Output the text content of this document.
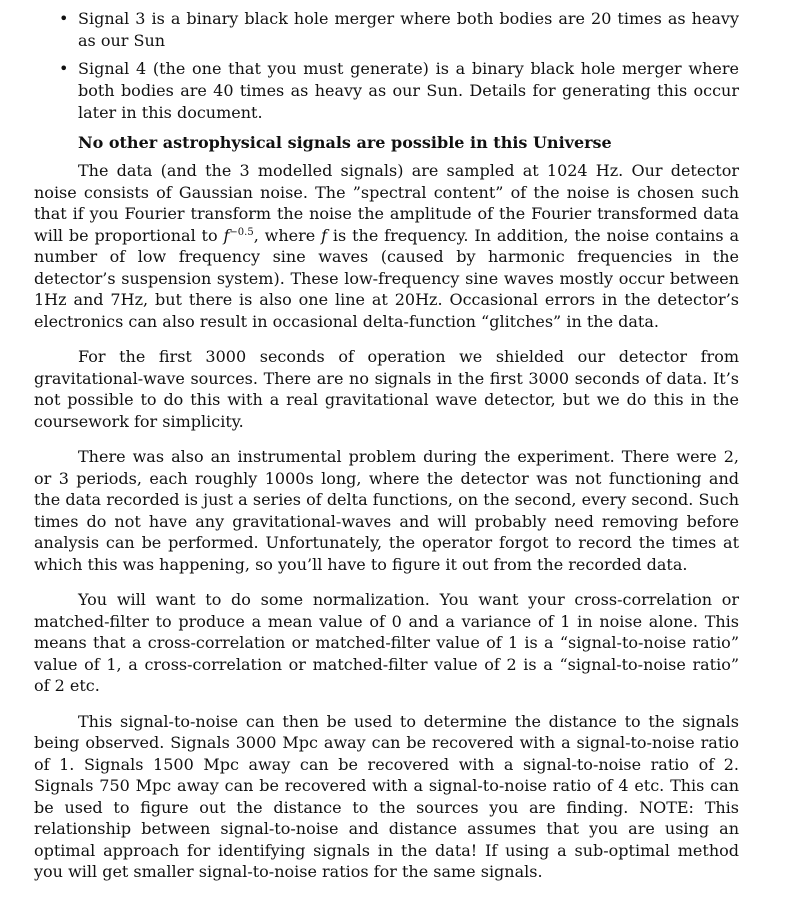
• Signal 3 is a binary black hole merger where both bodies are 20 times as heavy as our Sun
• Signal 4 (the one that you must generate) is a binary black hole merger where both bodies are 40 times as heavy as our Sun. Details for generating this occur later in this document.
No other astrophysical signals are possible in this Universe

The data (and the 3 modelled signals) are sampled at 1024 Hz. Our detector noise consists of Gaussian noise. The ”spectral content” of the noise is chosen such that if you Fourier transform the noise the amplitude of the Fourier transformed data will be proportional to $f^{-0.5}$, where f is the frequency. In addition, the noise contains a number of low frequency sine waves (caused by harmonic frequencies in the detector’s suspension system). These low-frequency sine waves mostly occur between 1Hz and 7Hz, but there is also one line at 20Hz. Occasional errors in the detector’s electronics can also result in occasional delta-function “glitches” in the data.

For the first 3000 seconds of operation we shielded our detector from gravitational-wave sources. There are no signals in the first 3000 seconds of data. It’s not possible to do this with a real gravitational wave detector, but we do this in the coursework for simplicity.

There was also an instrumental problem during the experiment. There were 2, or 3 periods, each roughly 1000s long, where the detector was not functioning and the data recorded is just a series of delta functions, on the second, every second. Such times do not have any gravitational-waves and will probably need removing before analysis can be performed. Unfortunately, the operator forgot to record the times at which this was happening, so you’ll have to figure it out from the recorded data.

You will want to do some normalization. You want your cross-correlation or matched-filter to produce a mean value of 0 and a variance of 1 in noise alone. This means that a cross-correlation or matched-filter value of 1 is a “signal-to-noise ratio” value of 1, a cross-correlation or matched-filter value of 2 is a “signal-to-noise ratio” of 2 etc.

This signal-to-noise can then be used to determine the distance to the signals being observed. Signals 3000 Mpc away can be recovered with a signal-to-noise ratio of 1. Signals 1500 Mpc away can be recovered with a signal-to-noise ratio of 2. Signals 750 Mpc away can be recovered with a signal-to-noise ratio of 4 etc. This can be used to figure out the distance to the sources you are finding. NOTE: This relationship between signal-to-noise and distance assumes that you are using an optimal approach for identifying signals in the data! If using a sub-optimal method you will get smaller signal-to-noise ratios for the same signals.
